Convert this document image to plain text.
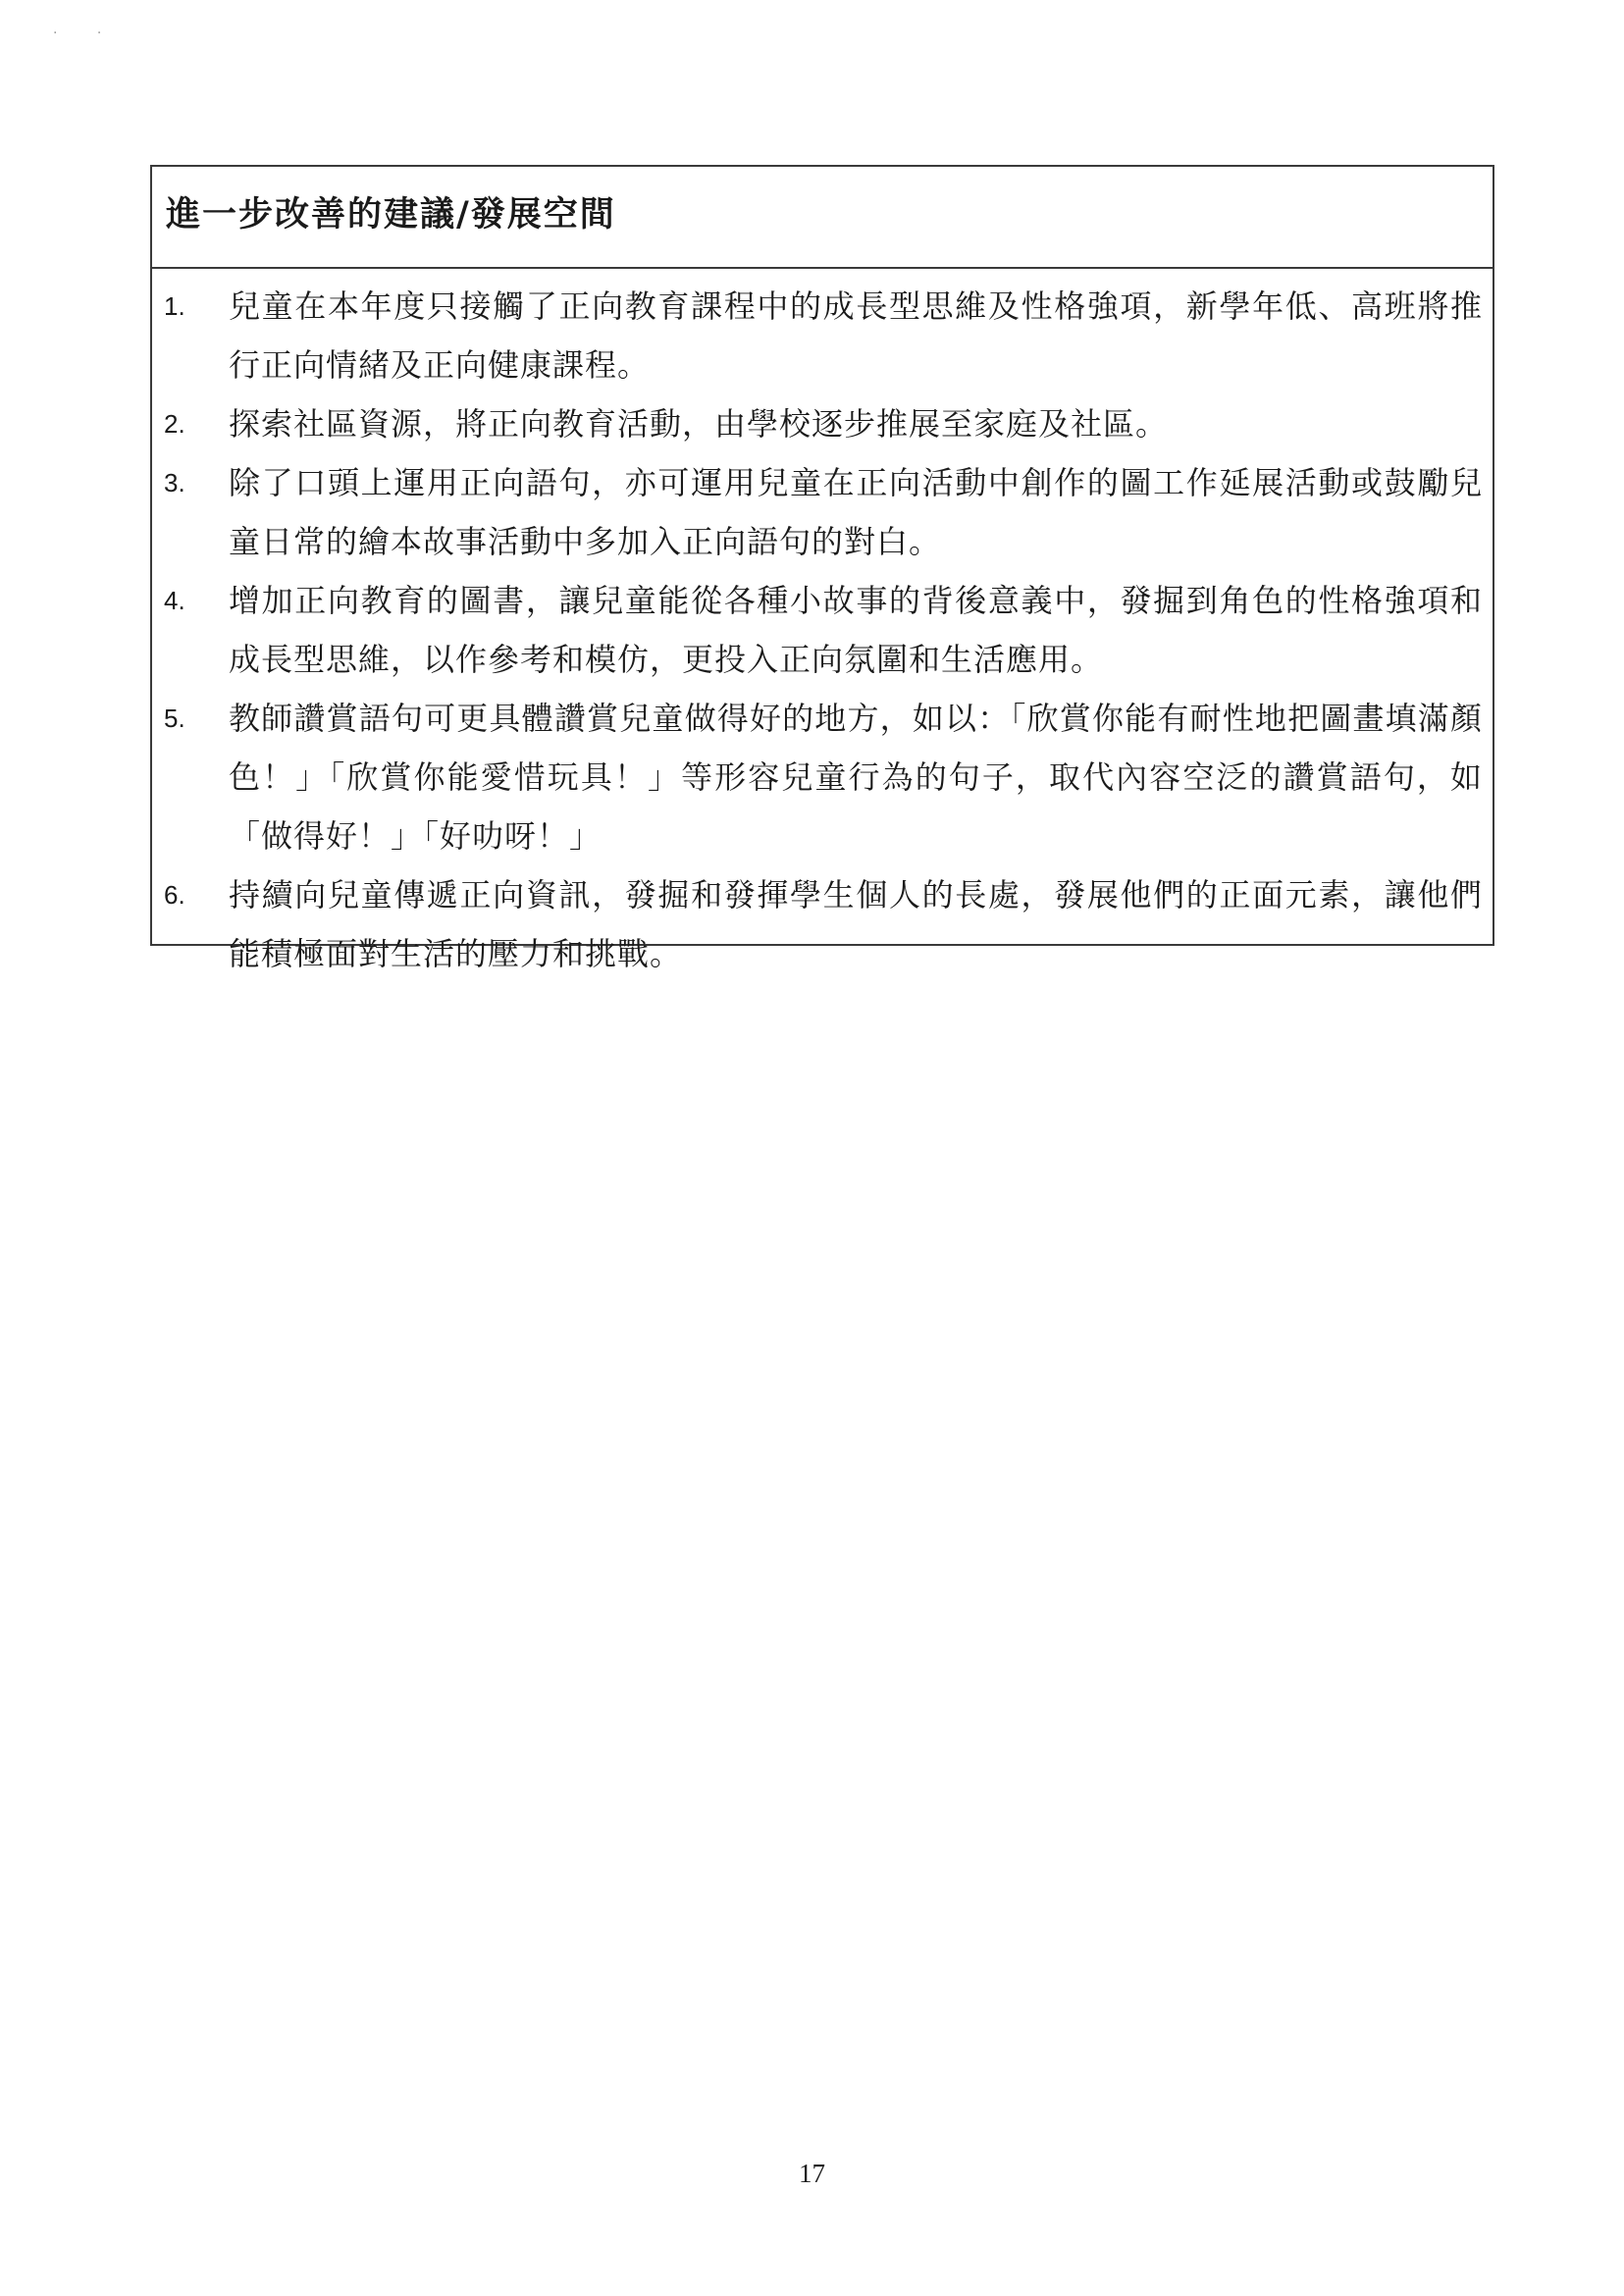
· ·
進一步改善的建議/發展空間
1.	兒童在本年度只接觸了正向教育課程中的成長型思維及性格強項，新學年低、高班將推行正向情緒及正向健康課程。
2.	探索社區資源，將正向教育活動，由學校逐步推展至家庭及社區。
3.	除了口頭上運用正向語句，亦可運用兒童在正向活動中創作的圖工作延展活動或鼓勵兒童日常的繪本故事活動中多加入正向語句的對白。
4.	增加正向教育的圖書，讓兒童能從各種小故事的背後意義中，發掘到角色的性格強項和成長型思維，以作參考和模仿，更投入正向氛圍和生活應用。
5.	教師讚賞語句可更具體讚賞兒童做得好的地方，如以：「欣賞你能有耐性地把圖畫填滿顏色！」「欣賞你能愛惜玩具！」等形容兒童行為的句子，取代內容空泛的讚賞語句，如「做得好！」「好叻呀！」
6.	持續向兒童傳遞正向資訊，發掘和發揮學生個人的長處，發展他們的正面元素，讓他們能積極面對生活的壓力和挑戰。
17
